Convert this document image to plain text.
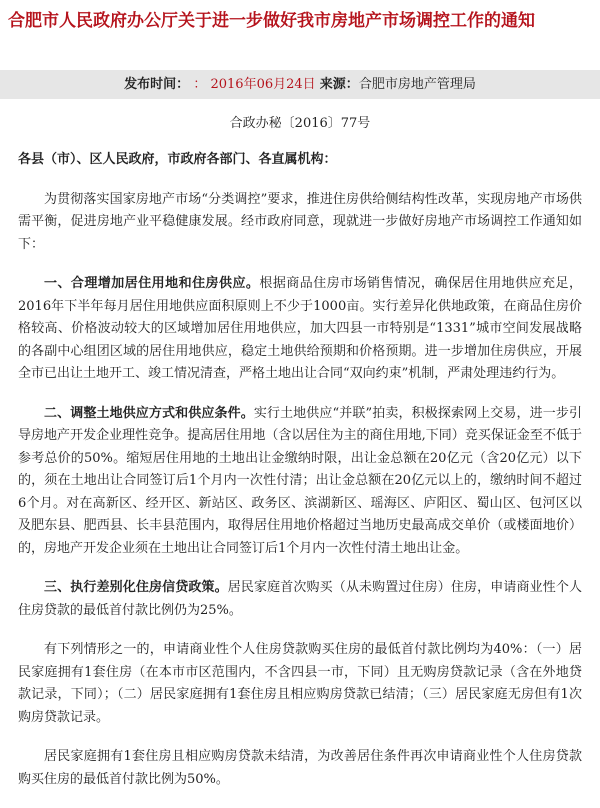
合肥市人民政府办公厅关于进一步做好我市房地产市场调控工作的通知
发布时间： ： 2016年06月24日 来源：合肥市房地产管理局
合政办秘〔2016〕77号
各县（市）、区人民政府，市政府各部门、各直属机构：

为贯彻落实国家房地产市场“分类调控”要求，推进住房供给侧结构性改革，实现房地产市场供需平衡，促进房地产业平稳健康发展。经市政府同意，现就进一步做好房地产市场调控工作通知如下：

一、合理增加居住用地和住房供应。根据商品住房市场销售情况，确保居住用地供应充足，2016年下半年每月居住用地供应面积原则上不少于1000亩。实行差异化供地政策，在商品住房价格较高、价格波动较大的区域增加居住用地供应，加大四县一市特别是“1331”城市空间发展战略的各副中心组团区域的居住用地供应，稳定土地供给预期和价格预期。进一步增加住房供应，开展全市已出让土地开工、竣工情况清查，严格土地出让合同“双向约束”机制，严肃处理违约行为。

二、调整土地供应方式和供应条件。实行土地供应“并联”拍卖，积极探索网上交易，进一步引导房地产开发企业理性竞争。提高居住用地（含以居住为主的商住用地,下同）竞买保证金至不低于参考总价的50%。缩短居住用地的土地出让金缴纳时限，出让金总额在20亿元（含20亿元）以下的，须在土地出让合同签订后1个月内一次性付清；出让金总额在20亿元以上的，缴纳时间不超过6个月。对在高新区、经开区、新站区、政务区、滨湖新区、瑶海区、庐阳区、蜀山区、包河区以及肥东县、肥西县、长丰县范围内，取得居住用地价格超过当地历史最高成交单价（或楼面地价）的，房地产开发企业须在土地出让合同签订后1个月内一次性付清土地出让金。

三、执行差别化住房信贷政策。居民家庭首次购买（从未购置过住房）住房，申请商业性个人住房贷款的最低首付款比例仍为25%。

有下列情形之一的，申请商业性个人住房贷款购买住房的最低首付款比例均为40%：（一）居民家庭拥有1套住房（在本市市区范围内，不含四县一市，下同）且无购房贷款记录（含在外地贷款记录，下同）；（二）居民家庭拥有1套住房且相应购房贷款已结清；（三）居民家庭无房但有1次购房贷款记录。

居民家庭拥有1套住房且相应购房贷款未结清，为改善居住条件再次申请商业性个人住房贷款购买住房的最低首付款比例为50%。
